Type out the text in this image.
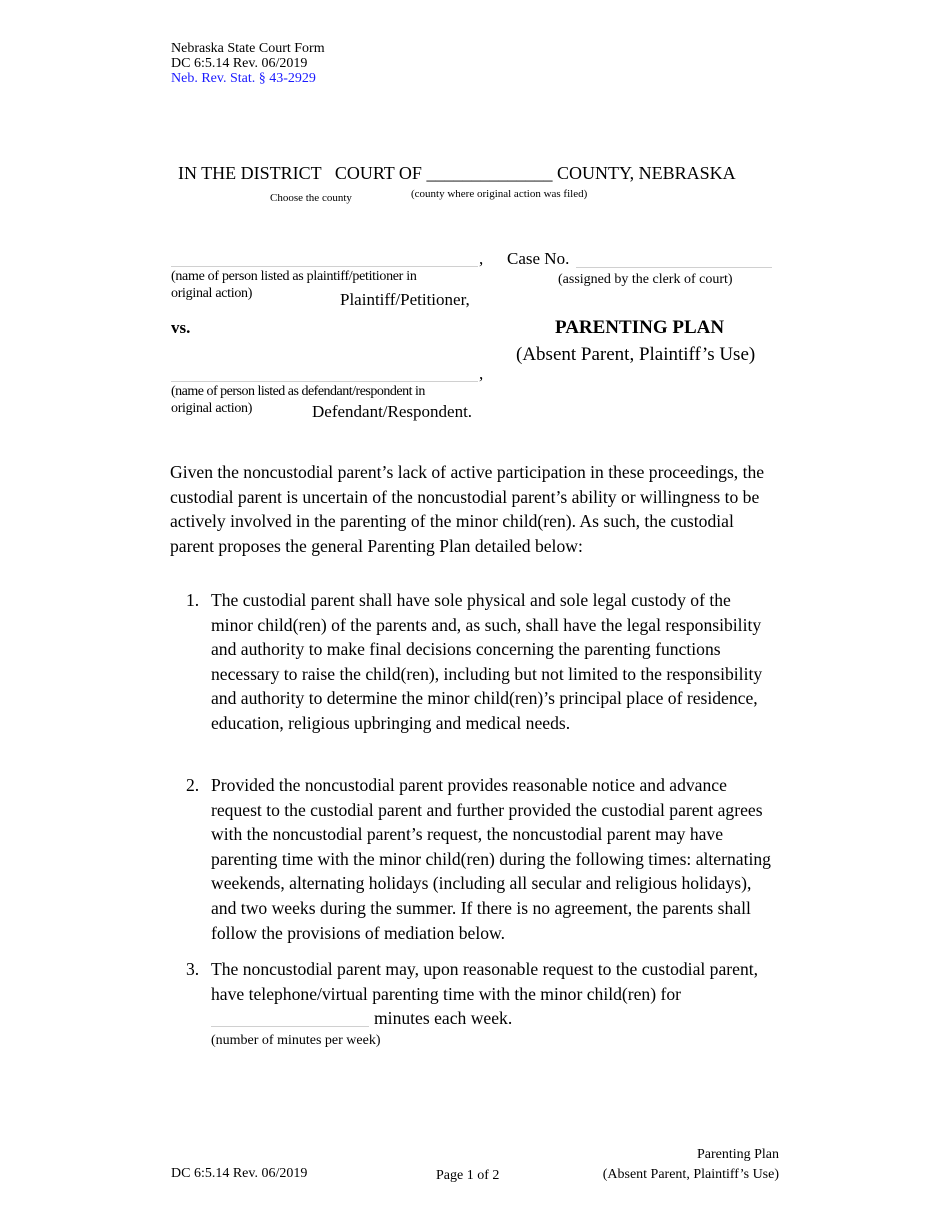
Nebraska State Court Form
DC 6:5.14 Rev. 06/2019
Neb. Rev. Stat. § 43-2929
IN THE DISTRICT   COURT OF ______________ COUNTY, NEBRASKA
Choose the county	(county where original action was filed)
,
(name of person listed as plaintiff/petitioner in
original action)	Plaintiff/Petitioner,
Case No.
(assigned by the clerk of court)
vs.	PARENTING PLAN
(Absent Parent, Plaintiff’s Use)
,
(name of person listed as defendant/respondent in
original action)	Defendant/Respondent.
Given the noncustodial parent’s lack of active participation in these proceedings, the custodial parent is uncertain of the noncustodial parent’s ability or willingness to be actively involved in the parenting of the minor child(ren). As such, the custodial parent proposes the general Parenting Plan detailed below:
1. The custodial parent shall have sole physical and sole legal custody of the minor child(ren) of the parents and, as such, shall have the legal responsibility and authority to make final decisions concerning the parenting functions necessary to raise the child(ren), including but not limited to the responsibility and authority to determine the minor child(ren)’s principal place of residence, education, religious upbringing and medical needs.
2. Provided the noncustodial parent provides reasonable notice and advance request to the custodial parent and further provided the custodial parent agrees with the noncustodial parent’s request, the noncustodial parent may have parenting time with the minor child(ren) during the following times: alternating weekends, alternating holidays (including all secular and religious holidays), and two weeks during the summer. If there is no agreement, the parents shall follow the provisions of mediation below.
3. The noncustodial parent may, upon reasonable request to the custodial parent, have telephone/virtual parenting time with the minor child(ren) for
minutes each week.
(number of minutes per week)
DC 6:5.14 Rev. 06/2019	Page 1 of 2
Parenting Plan
(Absent Parent, Plaintiff’s Use)
